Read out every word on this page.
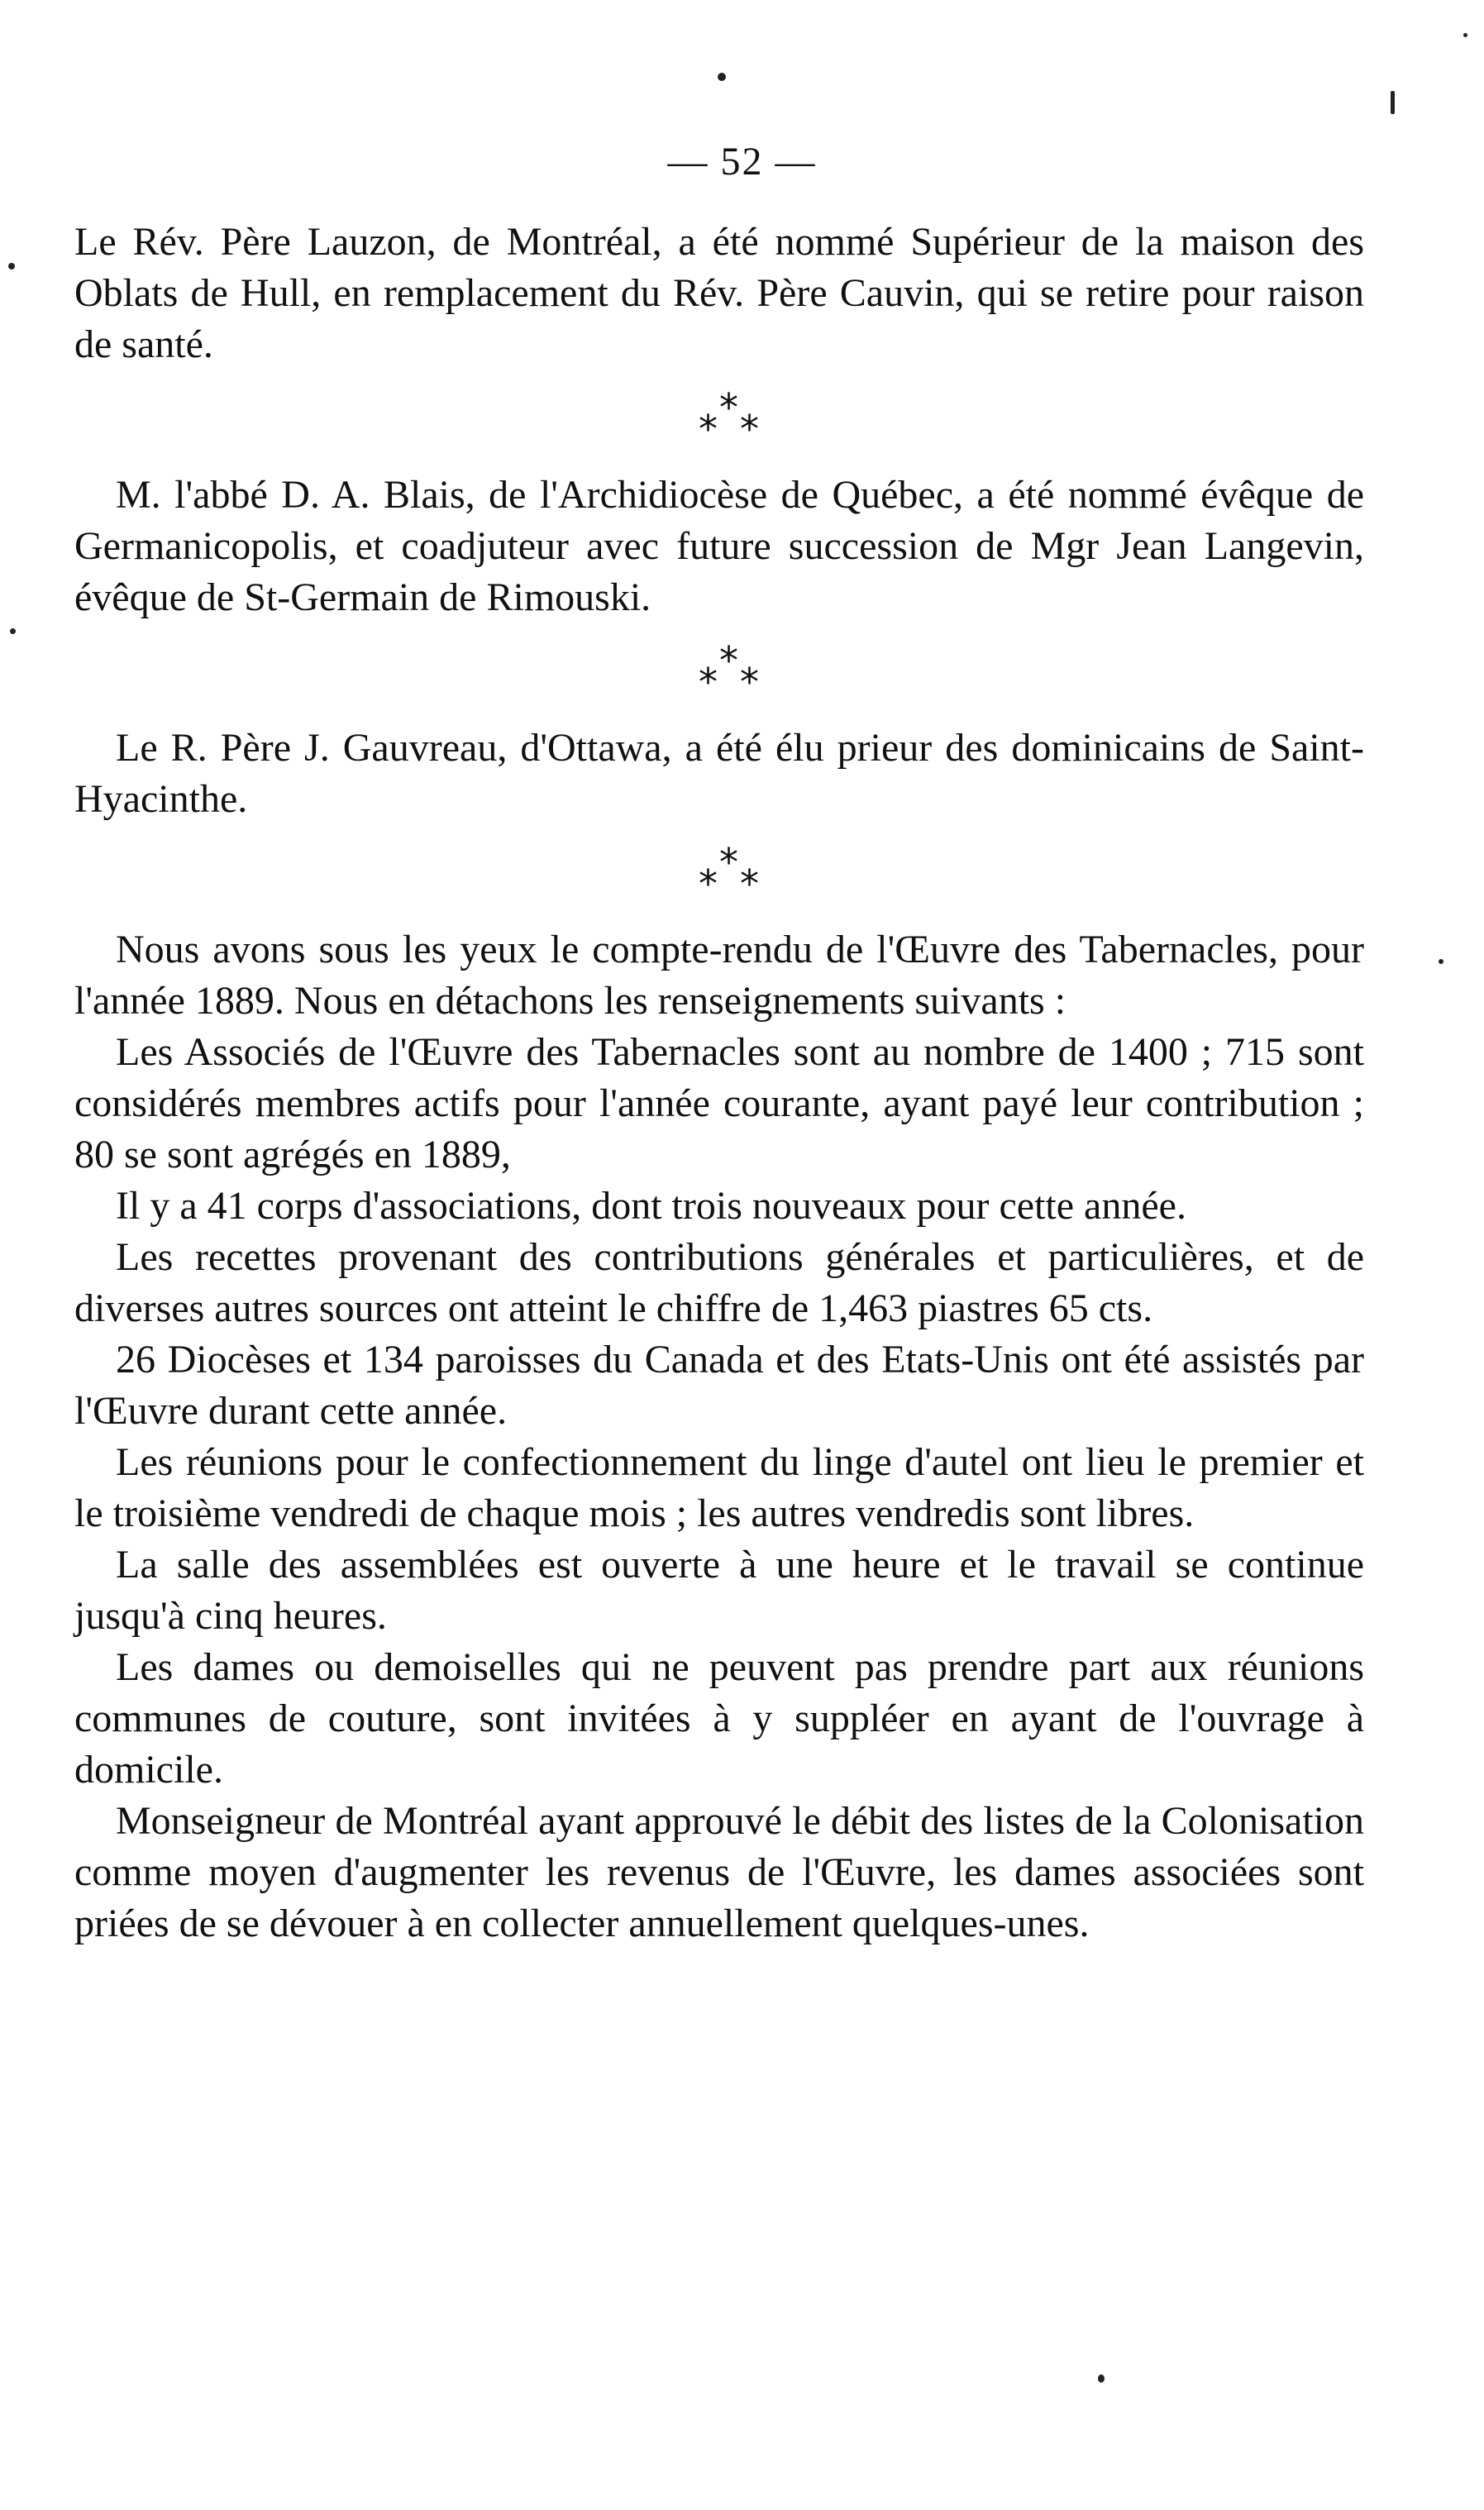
— 52 —

Le Rév. Père Lauzon, de Montréal, a été nommé Supérieur de la maison des Oblats de Hull, en remplacement du Rév. Père Cauvin, qui se retire pour raison de santé.

*
* *

M. l'abbé D. A. Blais, de l'Archidiocèse de Québec, a été nommé évêque de Germanicopolis, et coadjuteur avec future succession de Mgr Jean Langevin, évêque de St-Germain de Rimouski.

*
* *

Le R. Père J. Gauvreau, d'Ottawa, a été élu prieur des dominicains de Saint-Hyacinthe.

*
* *

Nous avons sous les yeux le compte-rendu de l'Œuvre des Tabernacles, pour l'année 1889. Nous en détachons les renseignements suivants :

Les Associés de l'Œuvre des Tabernacles sont au nombre de 1400 ; 715 sont considérés membres actifs pour l'année courante, ayant payé leur contribution ; 80 se sont agrégés en 1889,

Il y a 41 corps d'associations, dont trois nouveaux pour cette année.

Les recettes provenant des contributions générales et particulières, et de diverses autres sources ont atteint le chiffre de 1,463 piastres 65 cts.

26 Diocèses et 134 paroisses du Canada et des Etats-Unis ont été assistés par l'Œuvre durant cette année.

Les réunions pour le confectionnement du linge d'autel ont lieu le premier et le troisième vendredi de chaque mois ; les autres vendredis sont libres.

La salle des assemblées est ouverte à une heure et le travail se continue jusqu'à cinq heures.

Les dames ou demoiselles qui ne peuvent pas prendre part aux réunions communes de couture, sont invitées à y suppléer en ayant de l'ouvrage à domicile.

Monseigneur de Montréal ayant approuvé le débit des listes de la Colonisation comme moyen d'augmenter les revenus de l'Œuvre, les dames associées sont priées de se dévouer à en collecter annuellement quelques-unes.
